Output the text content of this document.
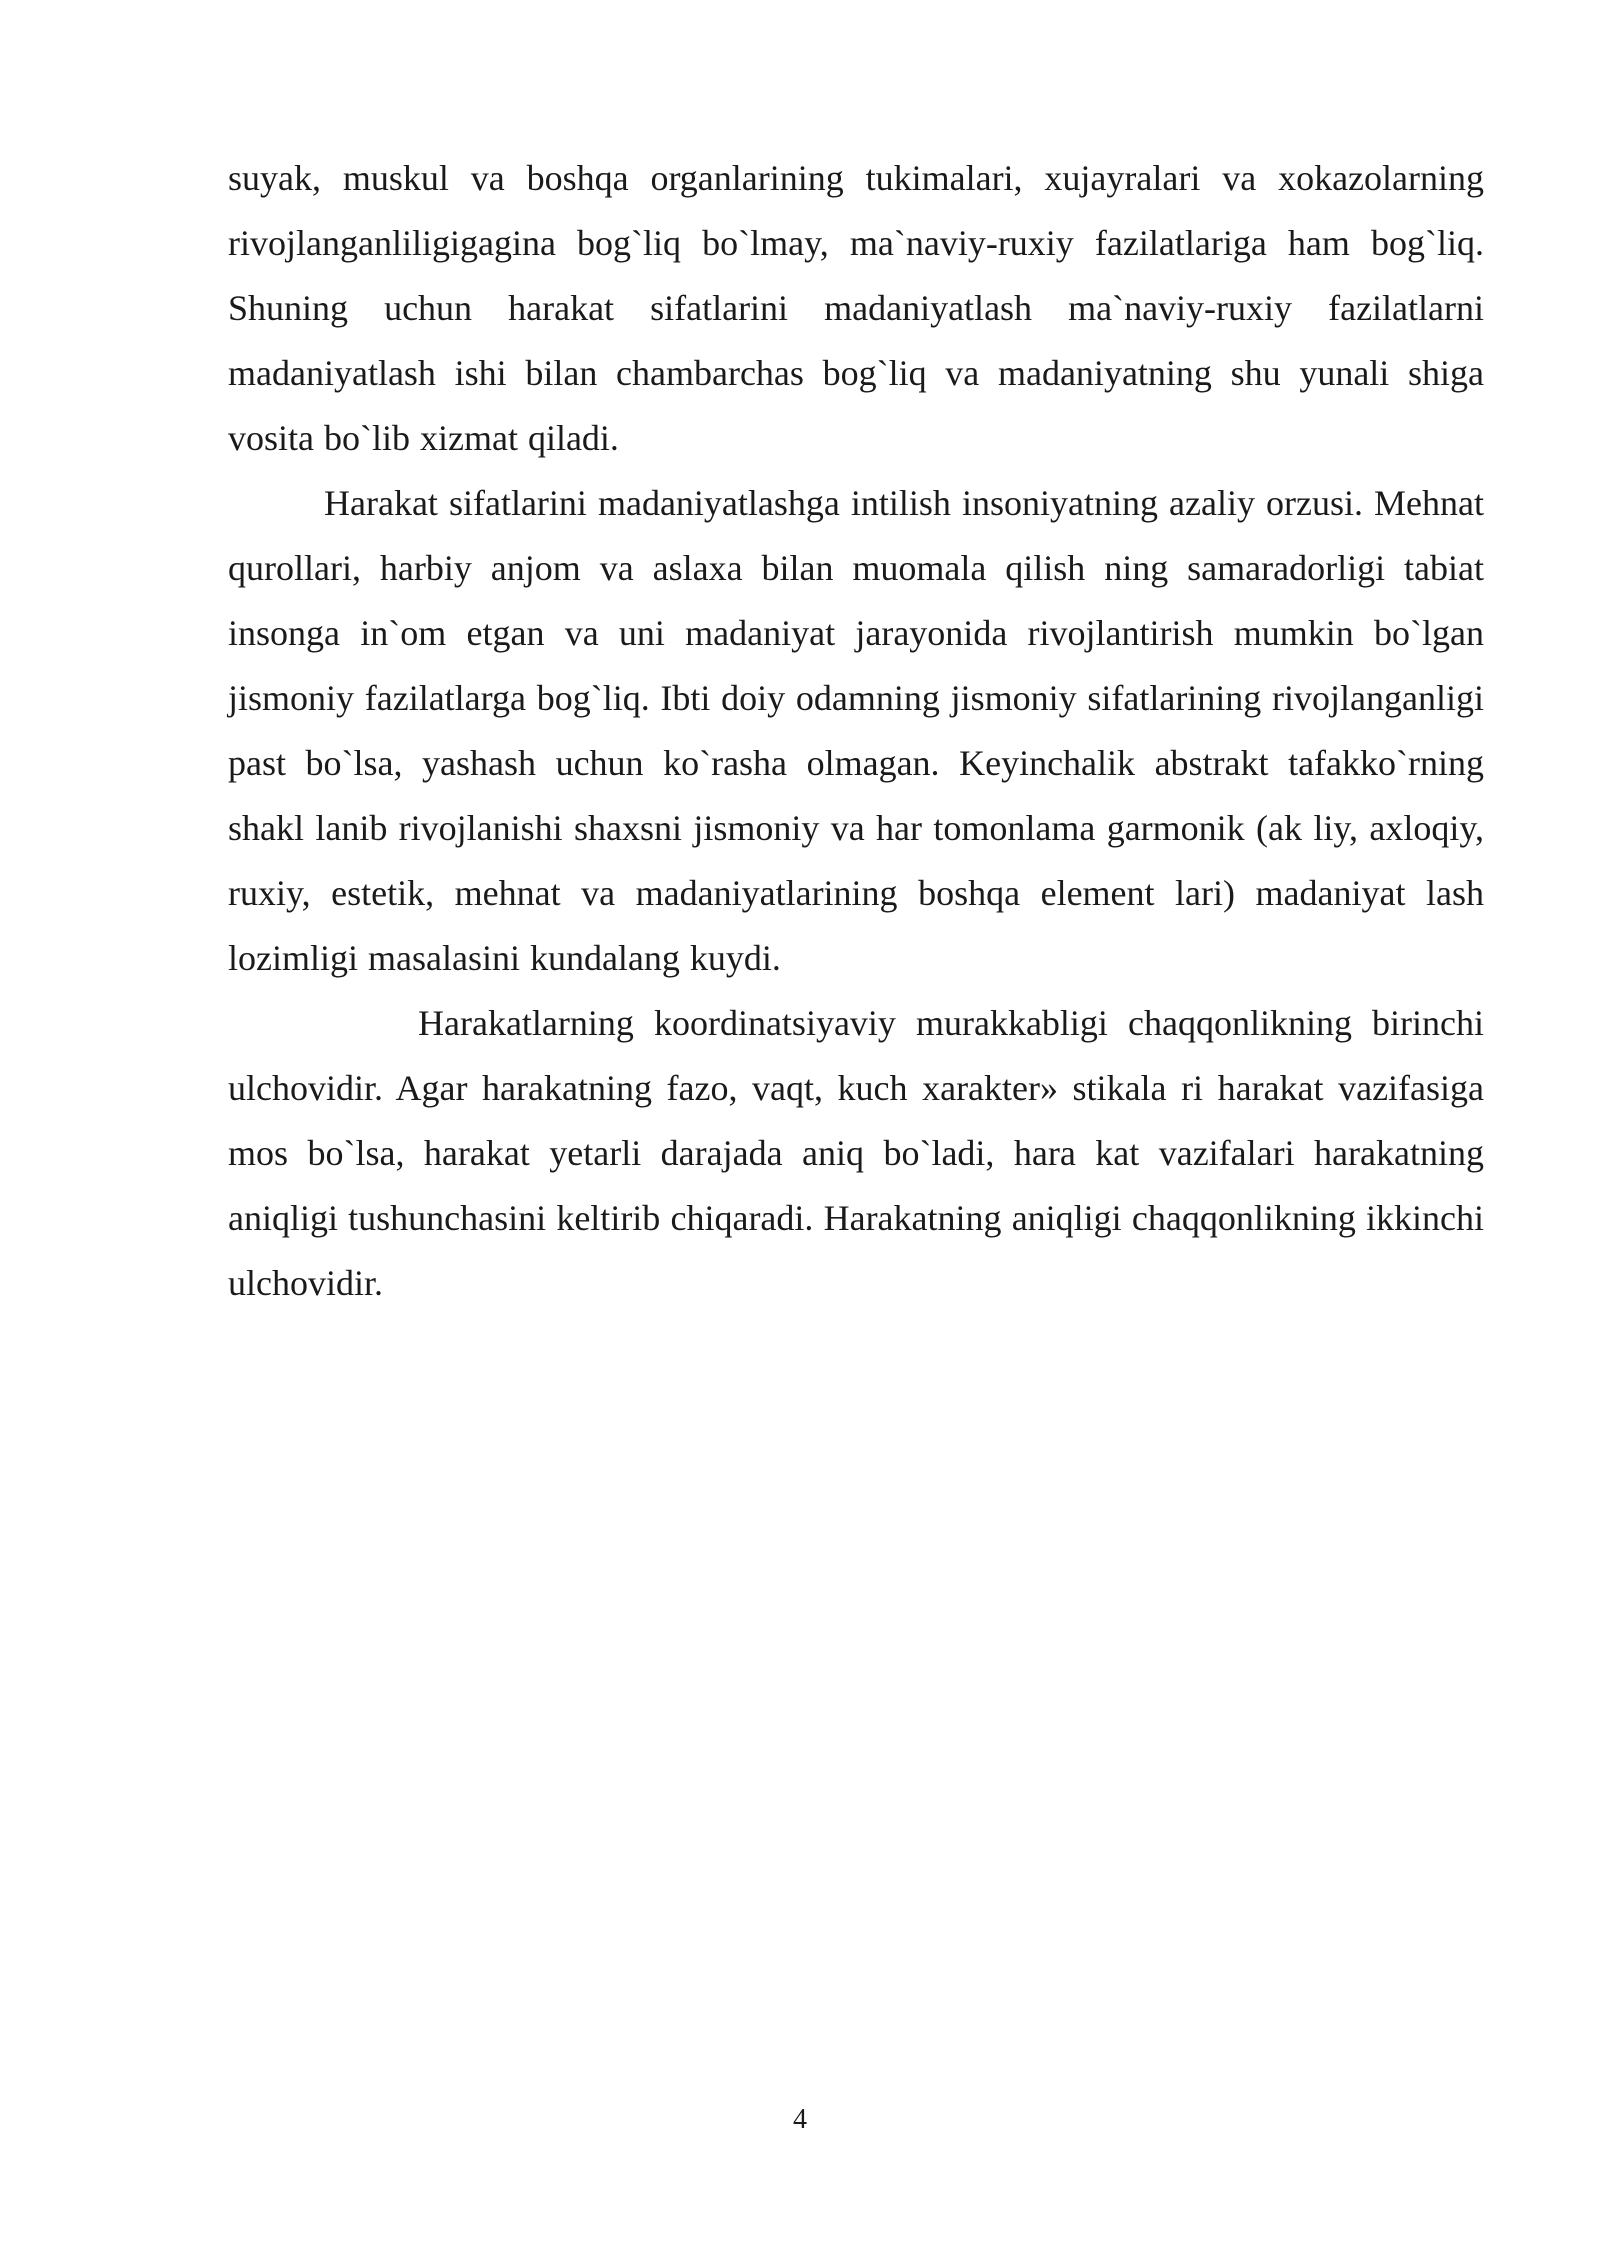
suyak, muskul va boshqa organlarining tukimalari, xujayralari va xokazolarning rivojlanganliligigagina bog`liq bo`lmay, ma`naviy-ruxiy fazilatlariga ham bog`liq. Shuning uchun harakat sifatlarini madaniyatlash ma`naviy-ruxiy fazilatlarni madaniyatlash ishi bilan chambarchas bog`liq va madaniyatning shu yunali shiga vosita bo`lib xizmat qiladi.

Harakat sifatlarini madaniyatlashga intilish insoniyatning azaliy orzusi. Mehnat qurollari, harbiy anjom va aslaxa bilan muomala qilish ning samaradorligi tabiat insonga in`om etgan va uni madaniyat jarayonida rivojlantirish mumkin bo`lgan jismoniy fazilatlarga bog`liq. Ibti doiy odamning jismoniy sifatlarining rivojlanganligi past bo`lsa, yashash uchun ko`rasha olmagan. Keyinchalik abstrakt tafakko`rning shakl lanib rivojlanishi shaxsni jismoniy va har tomonlama garmonik (ak liy, axloqiy, ruxiy, estetik, mehnat va madaniyatlarining boshqa element lari) madaniyat lash lozimligi masalasini kundalang kuydi.

Harakatlarning koordinatsiyaviy murakkabligi chaqqonlikning birinchi ulchovidir. Agar harakatning fazo, vaqt, kuch xarakter» stikala ri harakat vazifasiga mos bo`lsa, harakat yetarli darajada aniq bo`ladi, hara kat vazifalari harakatning aniqligi tushunchasini keltirib chiqaradi. Harakatning aniqligi chaqqonlikning ikkinchi ulchovidir.

4
